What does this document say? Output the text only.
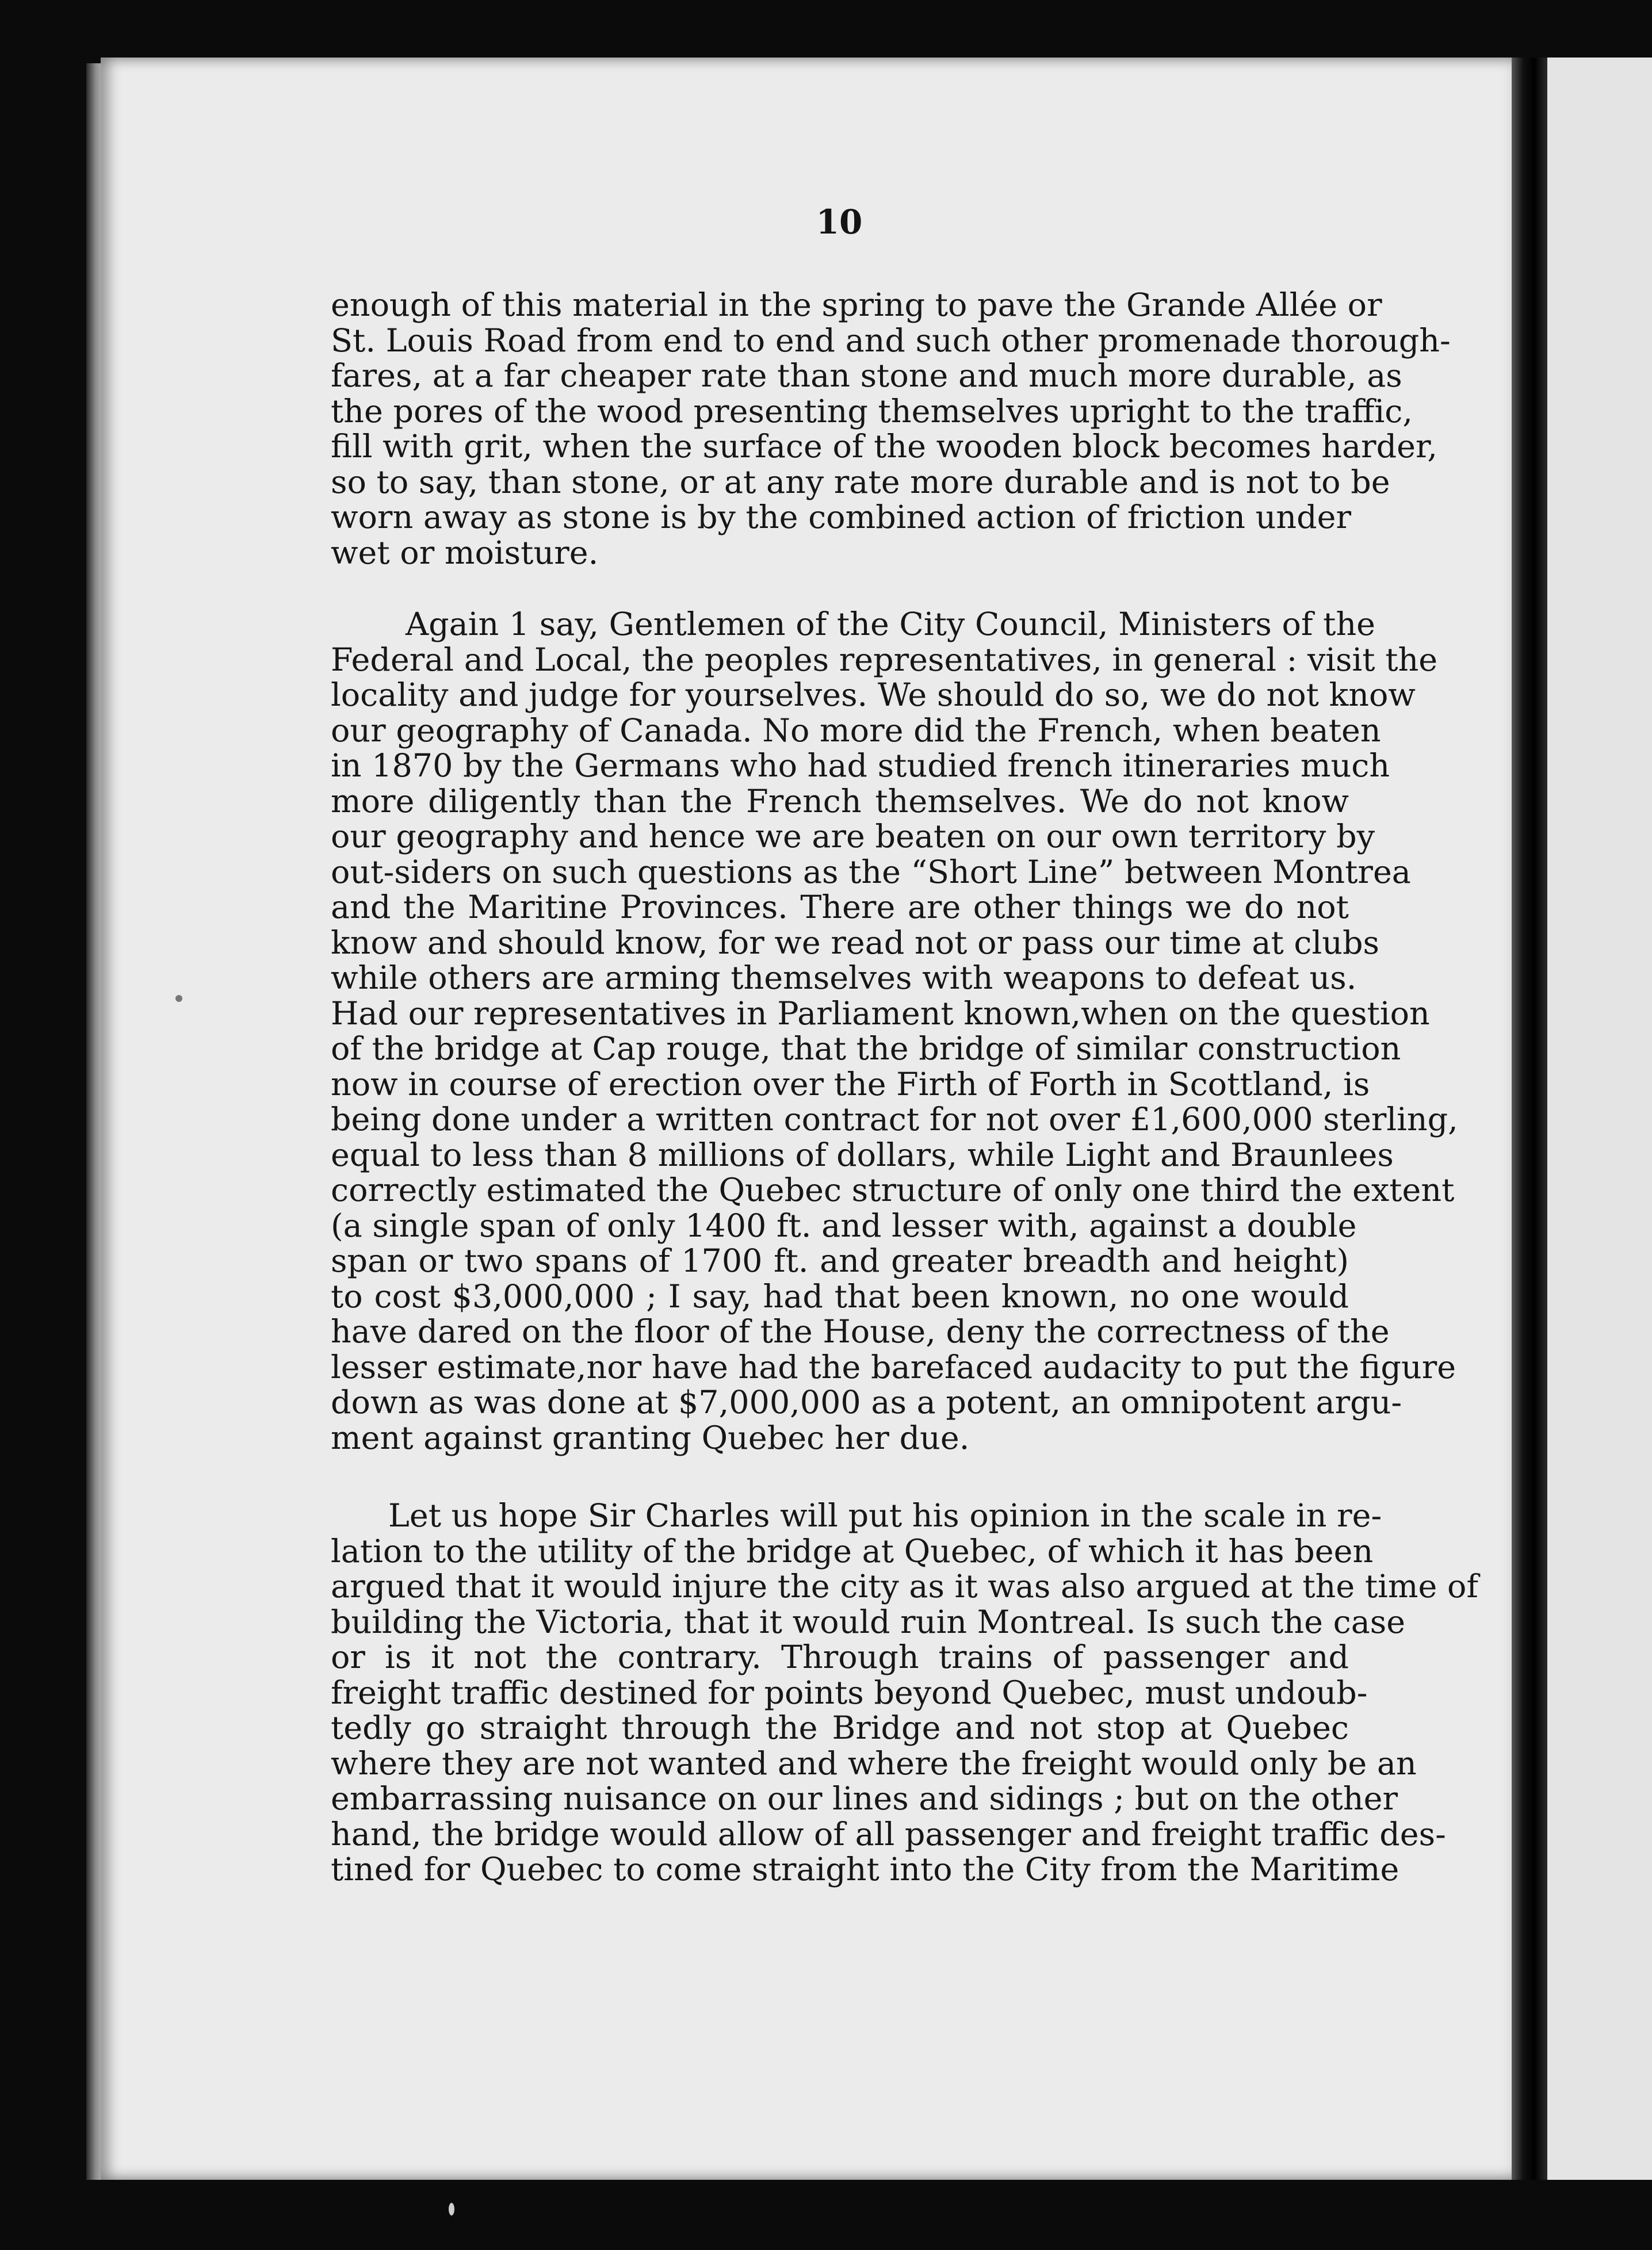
10
enough of this material in the spring to pave the Grande Allée or
St. Louis Road from end to end and such other promenade thorough-
fares, at a far cheaper rate than stone and much more durable, as
the pores of the wood presenting themselves upright to the traffic,
fill with grit, when the surface of the wooden block becomes harder,
so to say, than stone, or at any rate more durable and is not to be
worn away as stone is by the combined action of friction under
wet or moisture.
Again 1 say, Gentlemen of the City Council, Ministers of the
Federal and Local, the peoples representatives, in general : visit the
locality and judge for yourselves. We should do so, we do not know
our geography of Canada. No more did the French, when beaten
in 1870 by the Germans who had studied french itineraries much
more diligently than the French themselves. We do not know
our geography and hence we are beaten on our own territory by
out-siders on such questions as the “Short Line” between Montrea
and the Maritine Provinces. There are other things we do not
know and should know, for we read not or pass our time at clubs
while others are arming themselves with weapons to defeat us.
Had our representatives in Parliament known,when on the question
of the bridge at Cap rouge, that the bridge of similar construction
now in course of erection over the Firth of Forth in Scottland, is
being done under a written contract for not over £1,600,000 sterling,
equal to less than 8 millions of dollars, while Light and Braunlees
correctly estimated the Quebec structure of only one third the extent
(a single span of only 1400 ft. and lesser with, against a double
span or two spans of 1700 ft. and greater breadth and height)
to cost $3,000,000 ; I say, had that been known, no one would
have dared on the floor of the House, deny the correctness of the
lesser estimate,nor have had the barefaced audacity to put the figure
down as was done at $7,000,000 as a potent, an omnipotent argu-
ment against granting Quebec her due.
Let us hope Sir Charles will put his opinion in the scale in re-
lation to the utility of the bridge at Quebec, of which it has been
argued that it would injure the city as it was also argued at the time of
building the Victoria, that it would ruin Montreal. Is such the case
or is it not the contrary. Through trains of passenger and
freight traffic destined for points beyond Quebec, must undoub-
tedly go straight through the Bridge and not stop at Quebec
where they are not wanted and where the freight would only be an
embarrassing nuisance on our lines and sidings ; but on the other
hand, the bridge would allow of all passenger and freight traffic des-
tined for Quebec to come straight into the City from the Maritime
